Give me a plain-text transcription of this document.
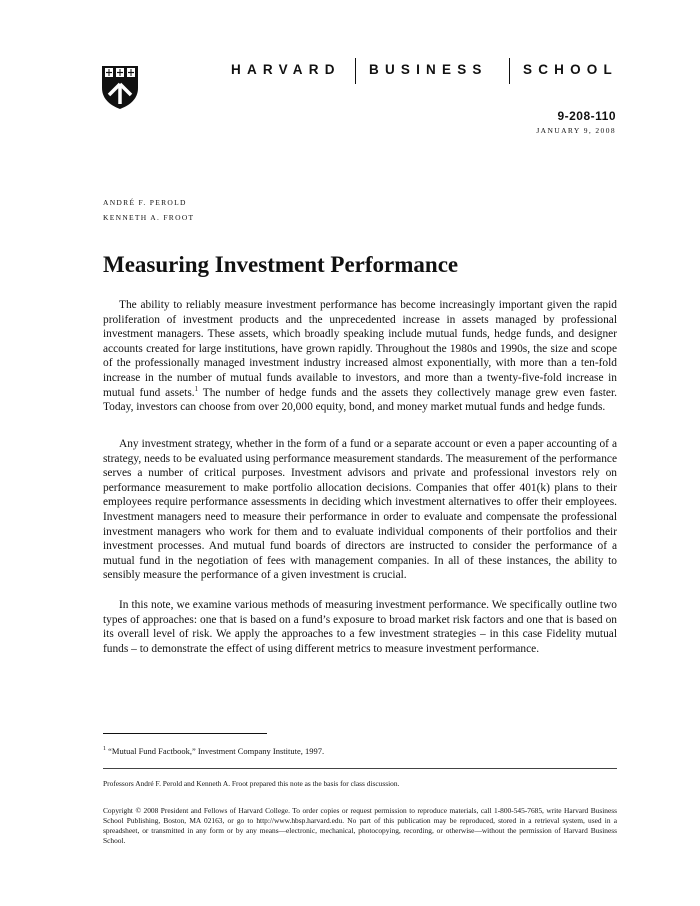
HARVARD BUSINESS	SCHOOL
9-208-110
JANUARY 9, 2008
ANDRÉ F. PEROLD
KENNETH A. FROOT
Measuring Investment Performance

The ability to reliably measure investment performance has become increasingly important given the rapid proliferation of investment products and the unprecedented increase in assets managed by professional investment managers. These assets, which broadly speaking include mutual funds, hedge funds, and designer accounts created for large institutions, have grown rapidly. Throughout the 1980s and 1990s, the size and scope of the professionally managed investment industry increased almost exponentially, with more than a ten-fold increase in the number of mutual funds available to investors, and more than a twenty-five-fold increase in mutual fund assets.$^1$ The number of hedge funds and the assets they collectively manage grew even faster. Today, investors can choose from over 20,000 equity, bond, and money market mutual funds and hedge funds.

Any investment strategy, whether in the form of a fund or a separate account or even a paper accounting of a strategy, needs to be evaluated using performance measurement standards. The measurement of the performance serves a number of critical purposes. Investment advisors and private and professional investors rely on performance measurement to make portfolio allocation decisions. Companies that offer 401(k) plans to their employees require performance assessments in deciding which investment alternatives to offer their employees. Investment managers need to measure their performance in order to evaluate and compensate the professional investment managers who work for them and to evaluate individual components of their portfolios and their investment processes. And mutual fund boards of directors are instructed to consider the performance of a mutual fund in the negotiation of fees with management companies. In all of these instances, the ability to sensibly measure the performance of a given investment is crucial.

In this note, we examine various methods of measuring investment performance. We specifically outline two types of approaches: one that is based on a fund’s exposure to broad market risk factors and one that is based on its overall level of risk. We apply the approaches to a few investment strategies – in this case Fidelity mutual funds – to demonstrate the effect of using different metrics to measure investment performance.

$^1$ “Mutual Fund Factbook,” Investment Company Institute, 1997.
Professors André F. Perold and Kenneth A. Froot prepared this note as the basis for class discussion.

Copyright © 2008 President and Fellows of Harvard College. To order copies or request permission to reproduce materials, call 1-800-545-7685, write Harvard Business School Publishing, Boston, MA 02163, or go to http://www.hbsp.harvard.edu. No part of this publication may be reproduced, stored in a retrieval system, used in a spreadsheet, or transmitted in any form or by any means—electronic, mechanical, photocopying, recording, or otherwise—without the permission of Harvard Business School.
